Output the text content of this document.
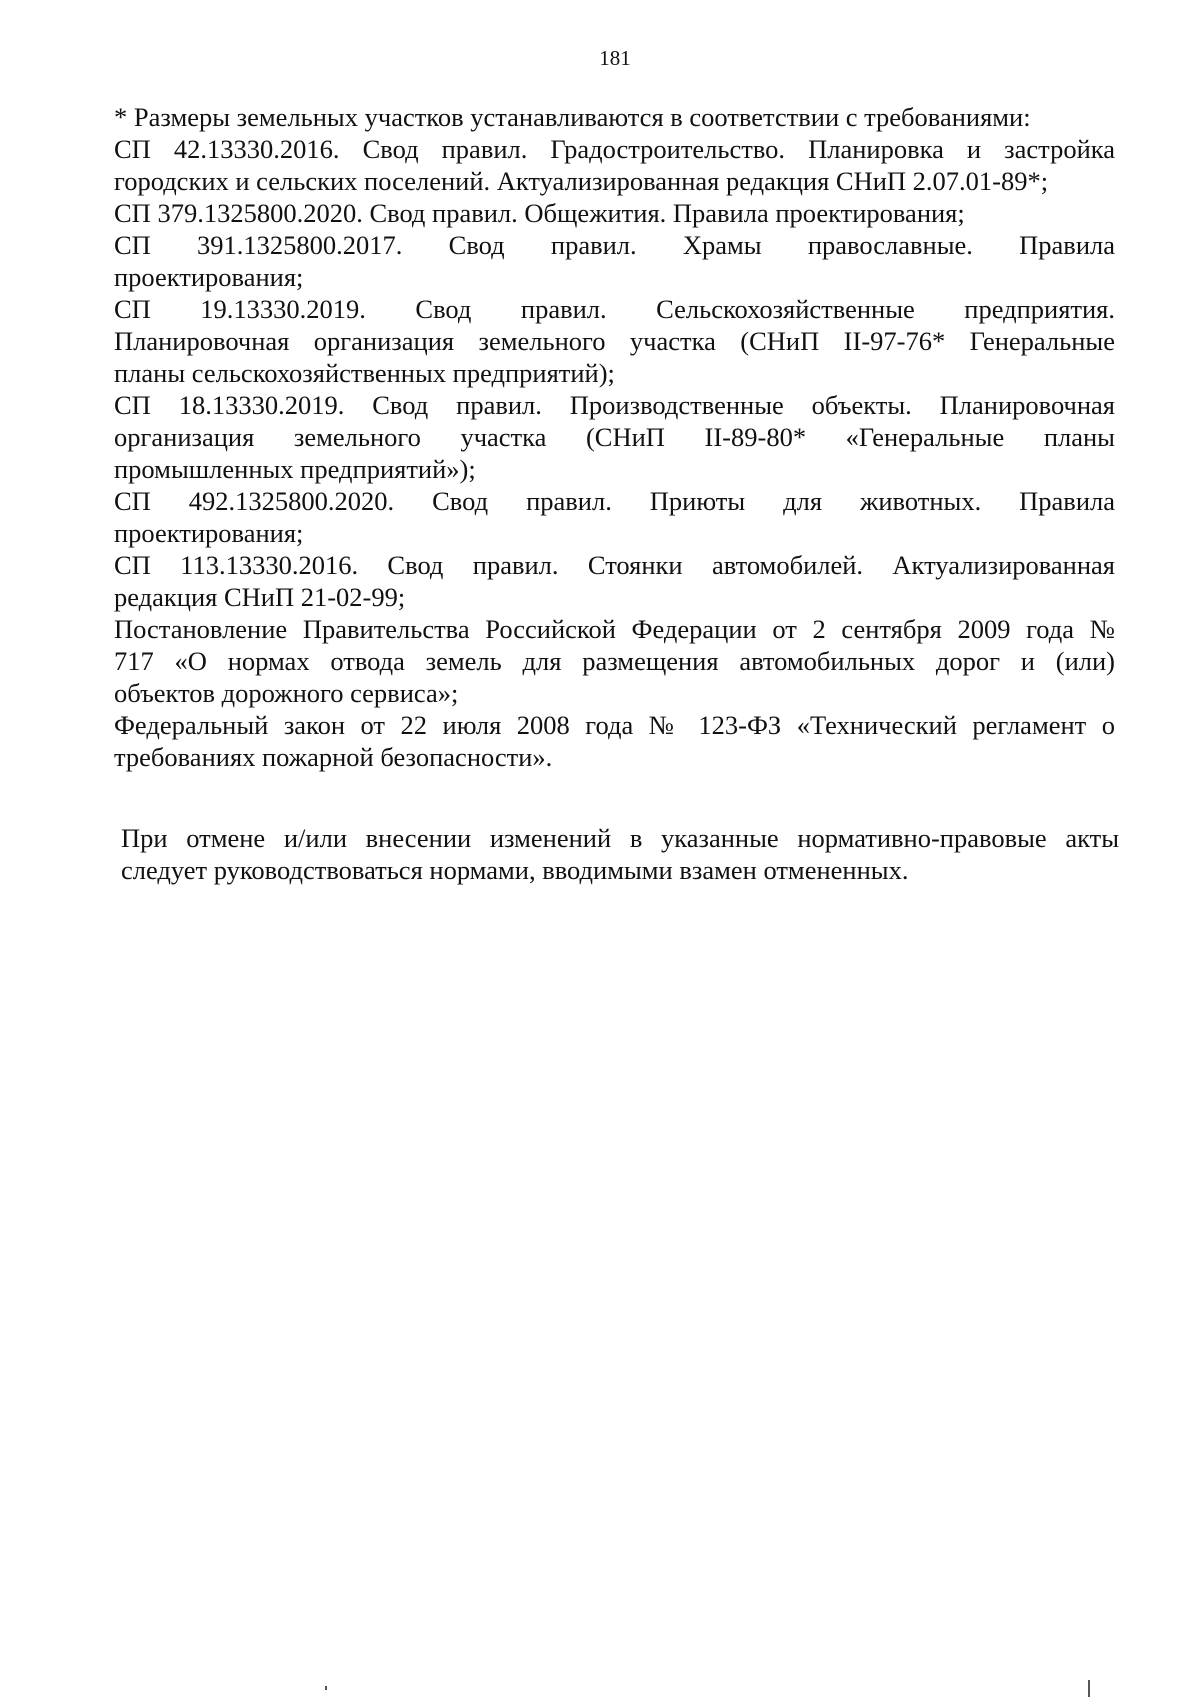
181
* Размеры земельных участков устанавливаются в соответствии с требованиями:
СП 42.13330.2016. Свод правил. Градостроительство. Планировка и застройка
городских и сельских поселений. Актуализированная редакция СНиП 2.07.01-89*;
СП 379.1325800.2020. Свод правил. Общежития. Правила проектирования;
СП 391.1325800.2017. Свод правил. Храмы православные. Правила
проектирования;
СП 19.13330.2019. Свод правил. Сельскохозяйственные предприятия.
Планировочная организация земельного участка (СНиП II-97-76* Генеральные
планы сельскохозяйственных предприятий);
СП 18.13330.2019. Свод правил. Производственные объекты. Планировочная
организация земельного участка (СНиП II-89-80* «Генеральные планы
промышленных предприятий»);
СП 492.1325800.2020. Свод правил. Приюты для животных. Правила
проектирования;
СП 113.13330.2016. Свод правил. Стоянки автомобилей. Актуализированная
редакция СНиП 21-02-99;
Постановление Правительства Российской Федерации от 2 сентября 2009 года №
717 «О нормах отвода земель для размещения автомобильных дорог и (или)
объектов дорожного сервиса»;
Федеральный закон от 22 июля 2008 года № 123-ФЗ «Технический регламент о
требованиях пожарной безопасности».
При отмене и/или внесении изменений в указанные нормативно-правовые акты
следует руководствоваться нормами, вводимыми взамен отмененных.
